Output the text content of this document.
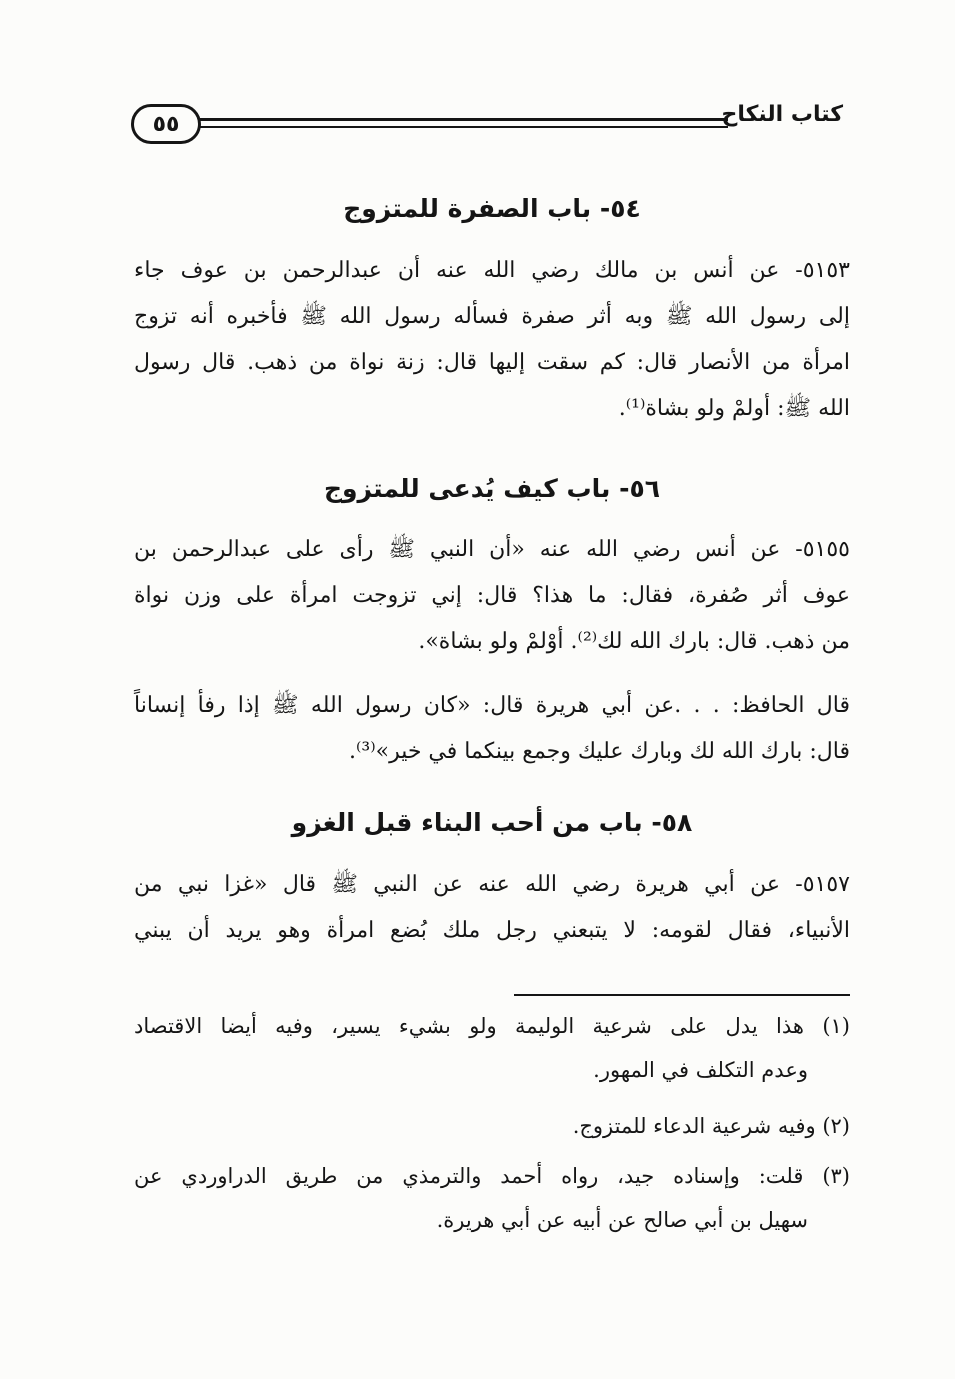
كتاب النكاح
٥٥
٥٤- باب الصفرة للمتزوج
٥١٥٣- عن أنس بن مالك رضي الله عنه أن عبدالرحمن بن عوف جاء
إلى رسول الله ﷺ وبه أثر صفرة فسأله رسول الله ﷺ فأخبره أنه تزوج
امرأة من الأنصار قال: كم سقت إليها قال: زنة نواة من ذهب. قال رسول
الله ﷺ: أولمْ ولو بشاة⁽¹⁾.
٥٦- باب كيف يُدعى للمتزوج
٥١٥٥- عن أنس رضي الله عنه «أن النبي ﷺ رأى على عبدالرحمن بن
عوف أثر صُفرة، فقال: ما هذا؟ قال: إني تزوجت امرأة على وزن نواة
من ذهب. قال: بارك الله لك⁽²⁾. أوْلمْ ولو بشاة».
قال الحافظ: . . .عن أبي هريرة قال: «كان رسول الله ﷺ إذا رفأ إنساناً
قال: بارك الله لك وبارك عليك وجمع بينكما في خير»⁽³⁾.
٥٨- باب من أحب البناء قبل الغزو
٥١٥٧- عن أبي هريرة رضي الله عنه عن النبي ﷺ قال «غزا نبي من
الأنبياء، فقال لقومه: لا يتبعني رجل ملك بُضع امرأة وهو يريد أن يبني
(١) هذا يدل على شرعية الوليمة ولو بشيء يسير، وفيه أيضا الاقتصاد
وعدم التكلف في المهور.
(٢) وفيه شرعية الدعاء للمتزوج.
(٣) قلت: وإسناده جيد، رواه أحمد والترمذي من طريق الدراوردي عن
سهيل بن أبي صالح عن أبيه عن أبي هريرة.
